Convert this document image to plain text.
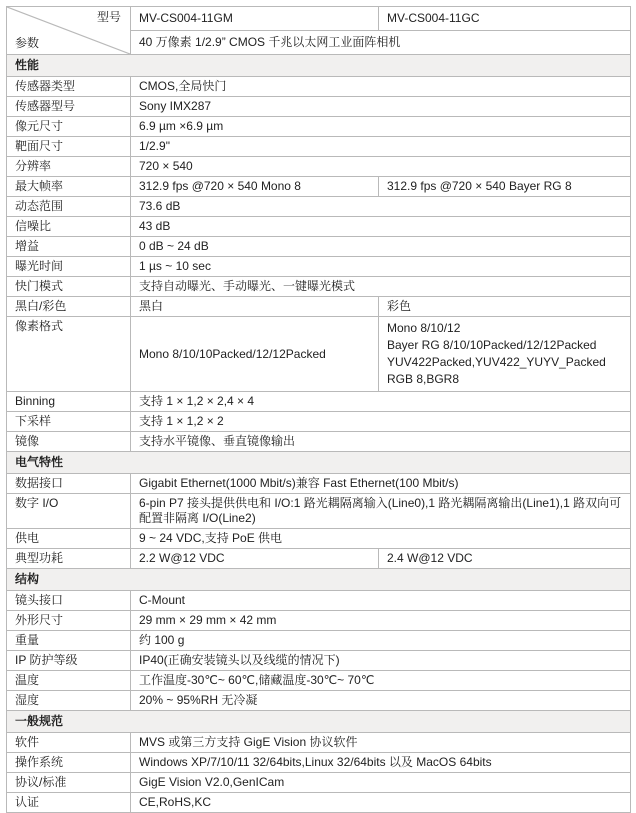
型号
参数	MV-CS004-11GM	MV-CS004-11GC
	40 万像素 1/2.9” CMOS 千兆以太网工业面阵相机	
性能		
传感器类型	CMOS,全局快门	
传感器型号	Sony IMX287	
像元尺寸	6.9 µm ×6.9 µm	
靶面尺寸	1/2.9"	
分辨率	720 × 540	
最大帧率	312.9 fps @720 × 540 Mono 8	312.9 fps @720 × 540 Bayer RG 8
动态范围	73.6 dB	
信噪比	43 dB	
增益	0 dB ~ 24 dB	
曝光时间	1 µs ~ 10 sec	
快门模式	支持自动曝光、手动曝光、一键曝光模式	
黑白/彩色	黑白	彩色
像素格式	Mono 8/10/10Packed/12/12Packed	Mono 8/10/12
Bayer RG 8/10/10Packed/12/12Packed
YUV422Packed,YUV422_YUYV_Packed
RGB 8,BGR8

Binning	支持 1 × 1,2 × 2,4 × 4	
下采样	支持 1 × 1,2 × 2	
镜像	支持水平镜像、垂直镜像输出	
电气特性		
数据接口	Gigabit Ethernet(1000 Mbit/s)兼容 Fast Ethernet(100 Mbit/s)	
数字 I/O	6-pin P7 接头提供供电和 I/O:1 路光耦隔离输入(Line0),1 路光耦隔离输出(Line1),1 路双向可配置非隔离 I/O(Line2)	
供电	9 ~ 24 VDC,支持 PoE 供电	
典型功耗	2.2 W@12 VDC	2.4 W@12 VDC
结构		
镜头接口	C-Mount	
外形尺寸	29 mm × 29 mm × 42 mm	
重量	约 100 g	
IP 防护等级	IP40(正确安装镜头以及线缆的情况下)	
温度	工作温度-30℃~ 60℃,储藏温度-30℃~ 70℃	
湿度	20% ~ 95%RH 无冷凝	
一般规范		
软件	MVS 或第三方支持 GigE Vision 协议软件	
操作系统	Windows XP/7/10/11 32/64bits,Linux 32/64bits 以及 MacOS 64bits	
协议/标准	GigE Vision V2.0,GenICam	
认证	CE,RoHS,KC	
